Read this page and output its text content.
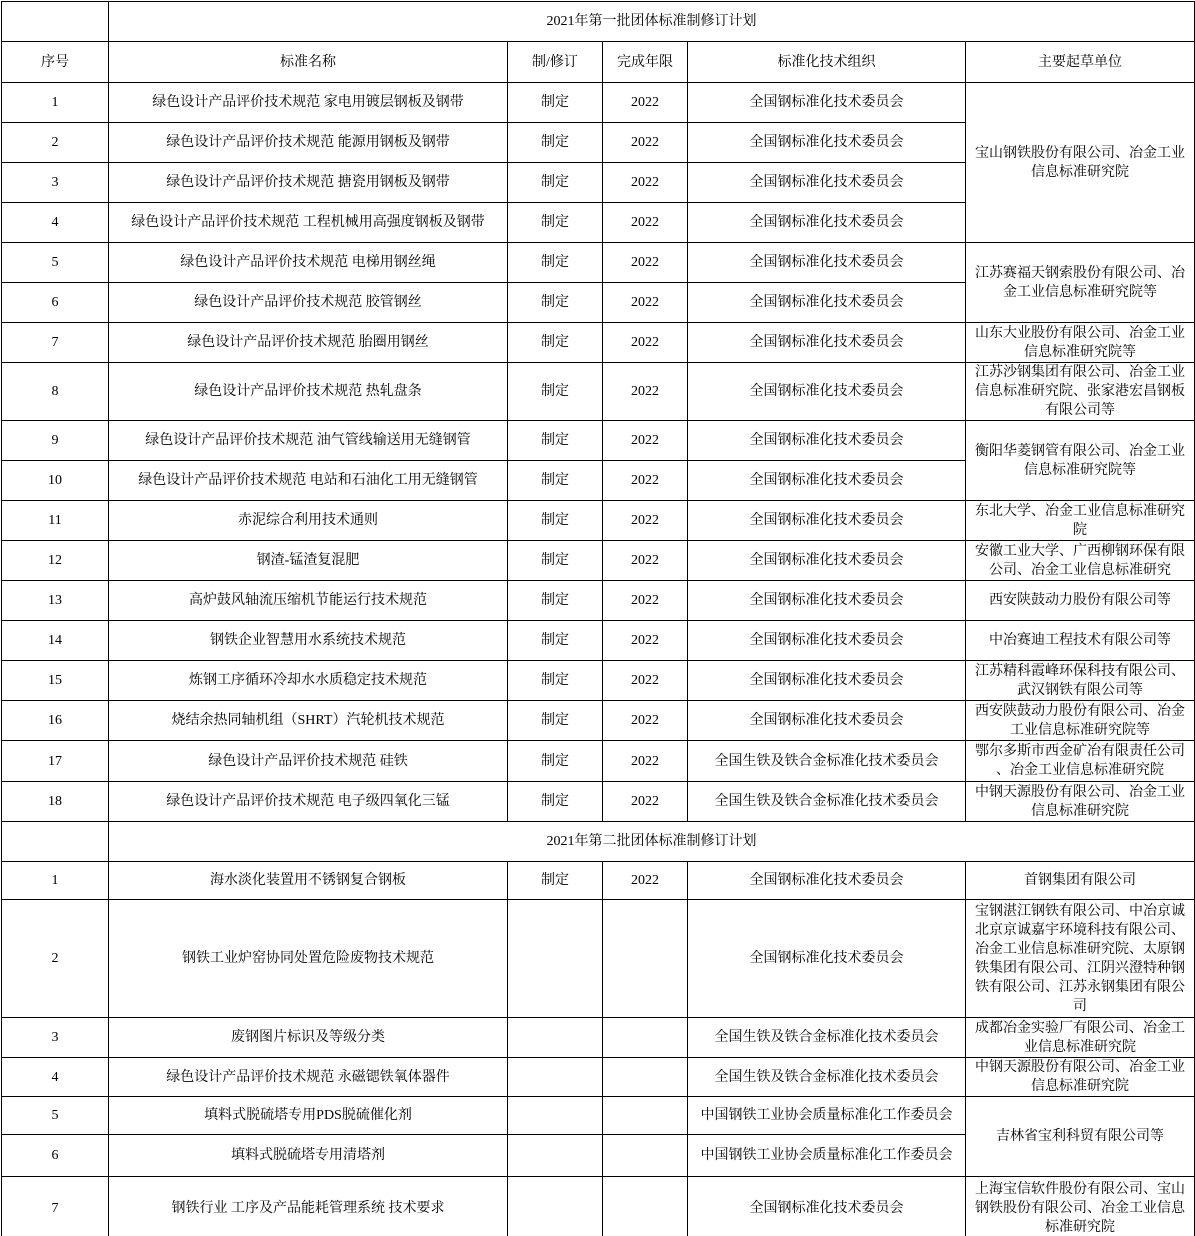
	2021年第一批团体标准制修订计划				
序号	标准名称	制/修订	完成年限	标准化技术组织	主要起草单位
1	绿色设计产品评价技术规范 家电用镀层钢板及钢带	制定	2022	全国钢标准化技术委员会	宝山钢铁股份有限公司、冶金工业信息标准研究院
2	绿色设计产品评价技术规范 能源用钢板及钢带	制定	2022	全国钢标准化技术委员会	
3	绿色设计产品评价技术规范 搪瓷用钢板及钢带	制定	2022	全国钢标准化技术委员会	
4	绿色设计产品评价技术规范 工程机械用高强度钢板及钢带	制定	2022	全国钢标准化技术委员会	
5	绿色设计产品评价技术规范 电梯用钢丝绳	制定	2022	全国钢标准化技术委员会	江苏赛福天钢索股份有限公司、冶金工业信息标准研究院等
6	绿色设计产品评价技术规范 胶管钢丝	制定	2022	全国钢标准化技术委员会	
7	绿色设计产品评价技术规范 胎圈用钢丝	制定	2022	全国钢标准化技术委员会	山东大业股份有限公司、冶金工业信息标准研究院等
8	绿色设计产品评价技术规范 热轧盘条	制定	2022	全国钢标准化技术委员会	江苏沙钢集团有限公司、冶金工业信息标准研究院、张家港宏昌钢板有限公司等
9	绿色设计产品评价技术规范 油气管线输送用无缝钢管	制定	2022	全国钢标准化技术委员会	衡阳华菱钢管有限公司、冶金工业信息标准研究院等
10	绿色设计产品评价技术规范 电站和石油化工用无缝钢管	制定	2022	全国钢标准化技术委员会	
11	赤泥综合利用技术通则	制定	2022	全国钢标准化技术委员会	东北大学、冶金工业信息标准研究院
12	钢渣-锰渣复混肥	制定	2022	全国钢标准化技术委员会	安徽工业大学、广西柳钢环保有限公司、冶金工业信息标准研究
13	高炉鼓风轴流压缩机节能运行技术规范	制定	2022	全国钢标准化技术委员会	西安陕鼓动力股份有限公司等
14	钢铁企业智慧用水系统技术规范	制定	2022	全国钢标准化技术委员会	中冶赛迪工程技术有限公司等
15	炼钢工序循环冷却水水质稳定技术规范	制定	2022	全国钢标准化技术委员会	江苏精科霞峰环保科技有限公司、武汉钢铁有限公司等
16	烧结余热同轴机组（SHRT）汽轮机技术规范	制定	2022	全国钢标准化技术委员会	西安陕鼓动力股份有限公司、冶金工业信息标准研究院等
17	绿色设计产品评价技术规范 硅铁	制定	2022	全国生铁及铁合金标准化技术委员会	鄂尔多斯市西金矿冶有限责任公司、冶金工业信息标准研究院
18	绿色设计产品评价技术规范 电子级四氧化三锰	制定	2022	全国生铁及铁合金标准化技术委员会	中钢天源股份有限公司、冶金工业信息标准研究院
	2021年第二批团体标准制修订计划				
1	海水淡化装置用不锈钢复合钢板	制定	2022	全国钢标准化技术委员会	首钢集团有限公司
2	钢铁工业炉窑协同处置危险废物技术规范			全国钢标准化技术委员会	宝钢湛江钢铁有限公司、中冶京诚北京京诚嘉宇环境科技有限公司、冶金工业信息标准研究院、太原钢铁集团有限公司、江阴兴澄特种钢铁有限公司、江苏永钢集团有限公司
3	废钢图片标识及等级分类			全国生铁及铁合金标准化技术委员会	成都冶金实验厂有限公司、冶金工业信息标准研究院
4	绿色设计产品评价技术规范 永磁锶铁氧体器件			全国生铁及铁合金标准化技术委员会	中钢天源股份有限公司、冶金工业信息标准研究院
5	填料式脱硫塔专用PDS脱硫催化剂			中国钢铁工业协会质量标准化工作委员会	吉林省宝利科贸有限公司等
6	填料式脱硫塔专用清塔剂			中国钢铁工业协会质量标准化工作委员会	
7	钢铁行业 工序及产品能耗管理系统 技术要求			全国钢标准化技术委员会	上海宝信软件股份有限公司、宝山钢铁股份有限公司、冶金工业信息标准研究院
